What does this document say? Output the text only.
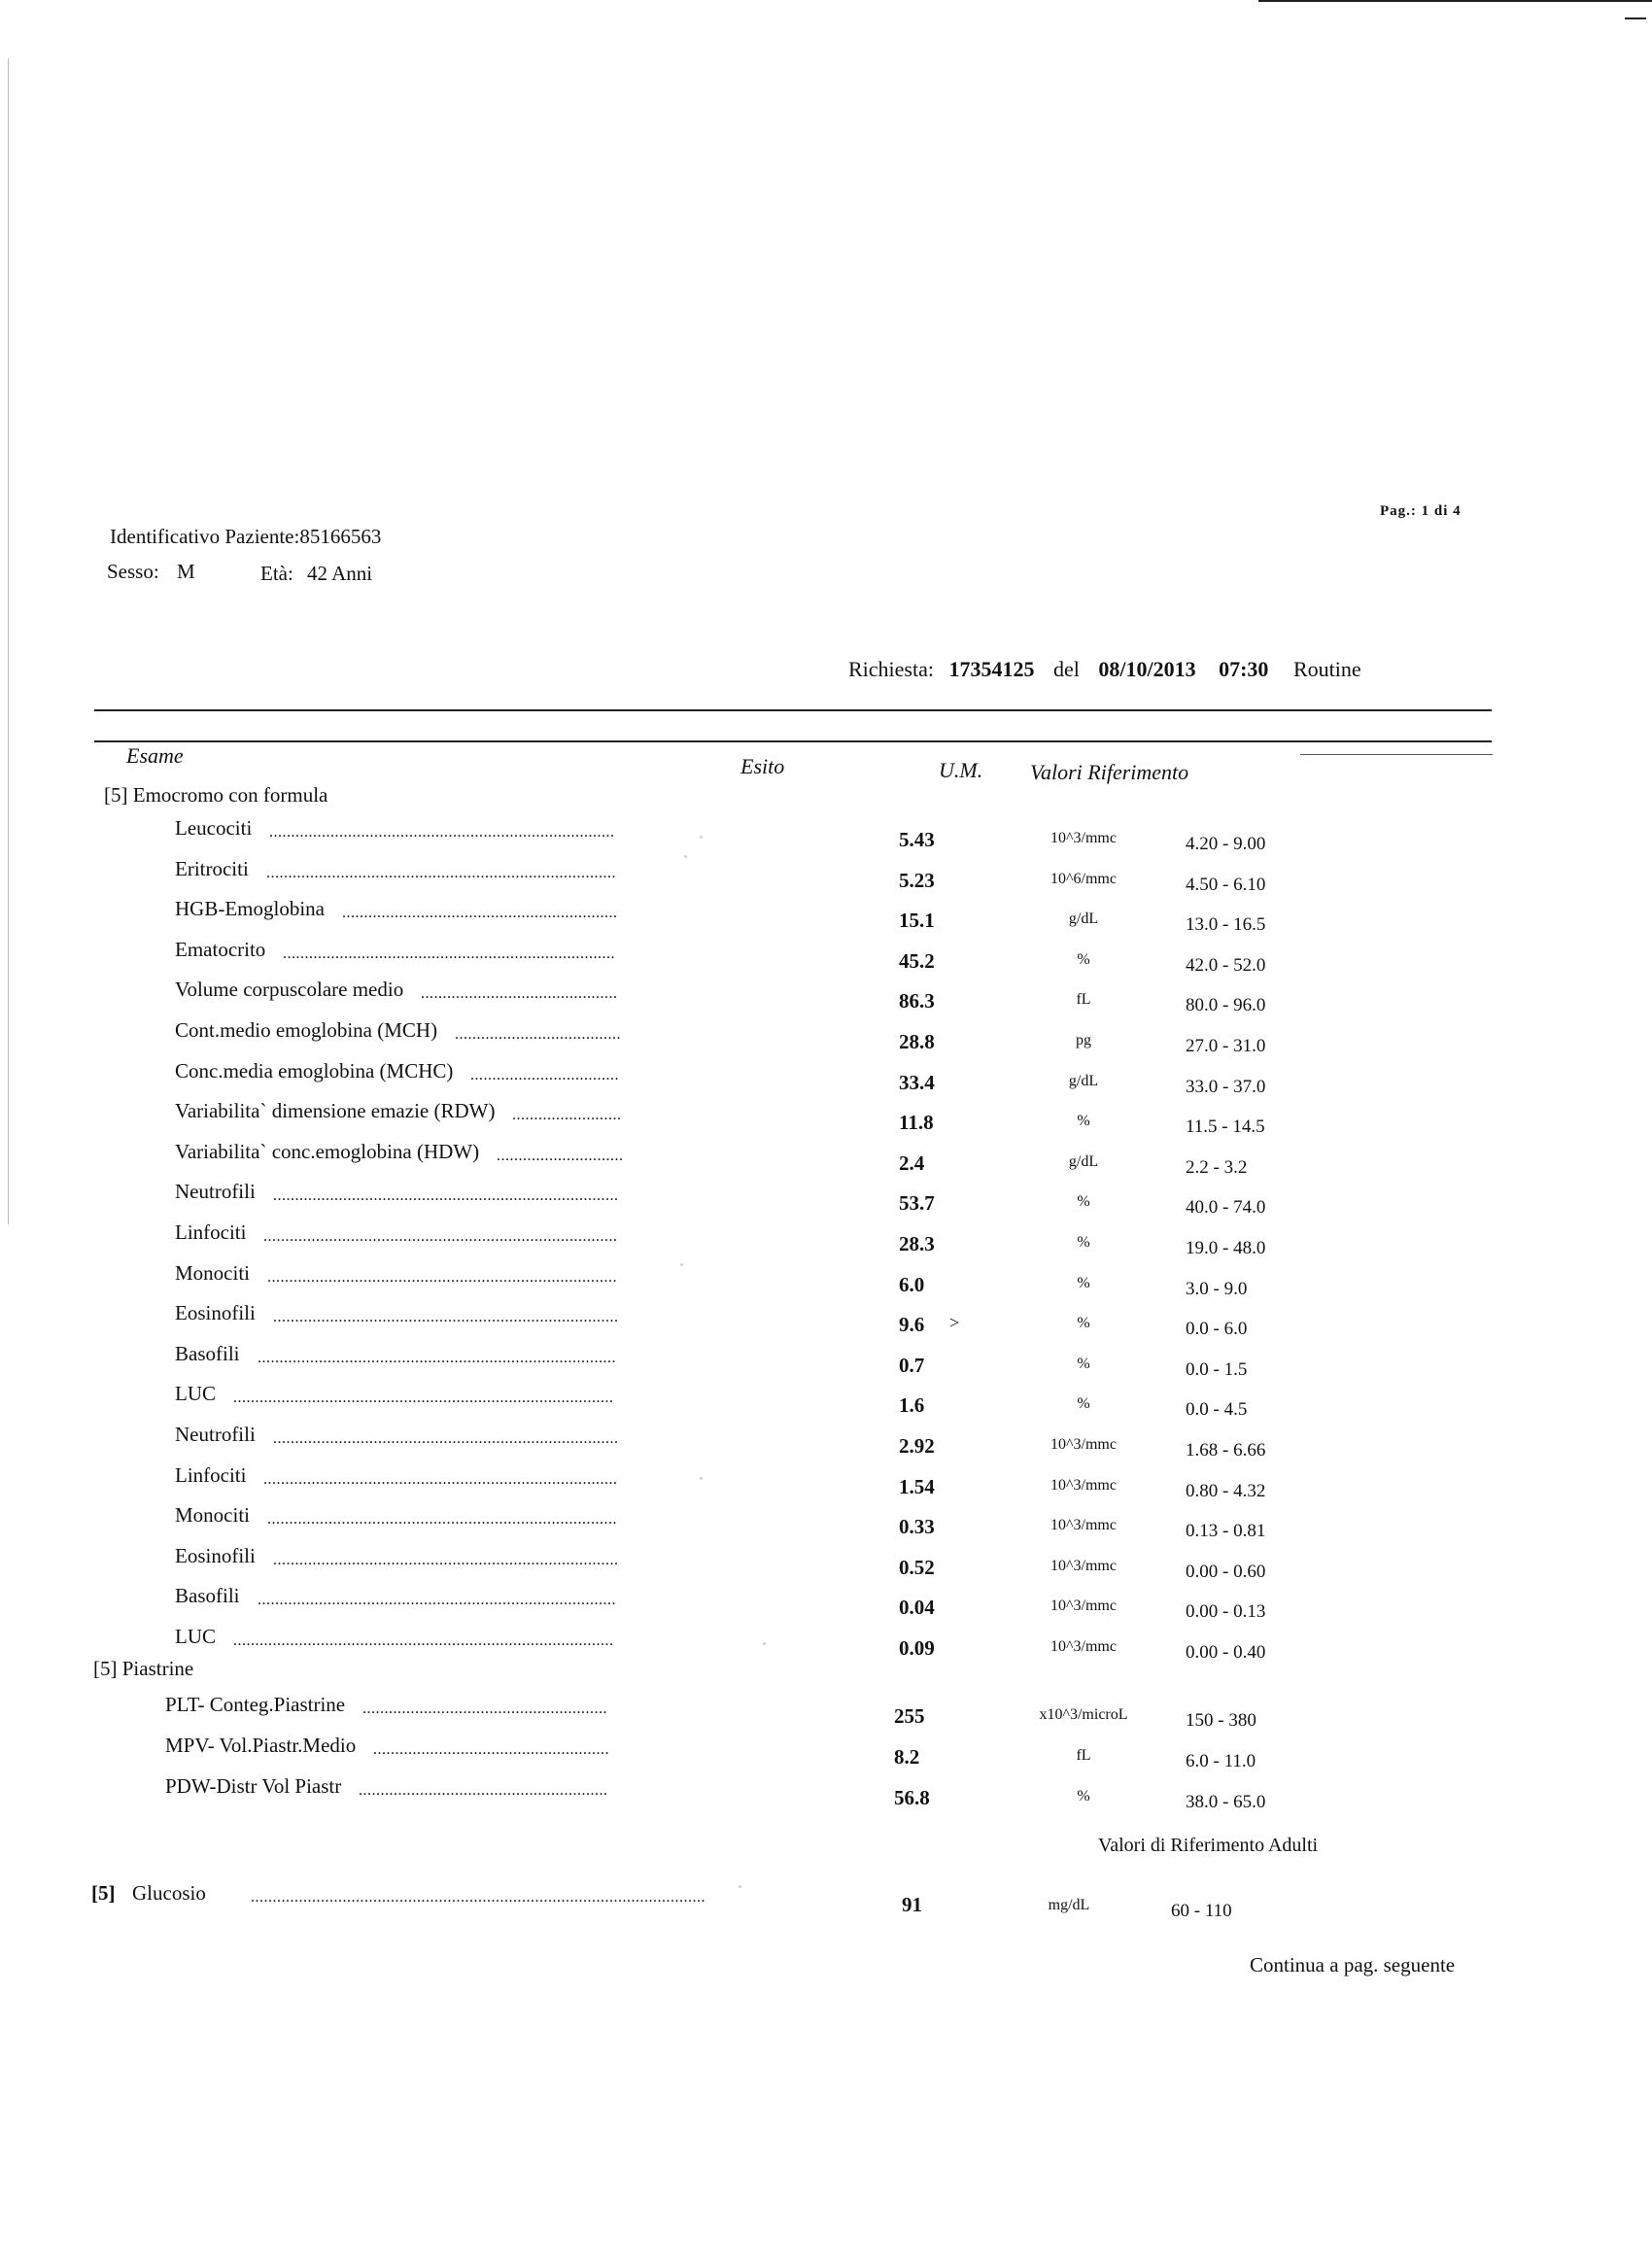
Identificativo Paziente:85166563
Sesso: M	Età: 42 Anni
Pag.: 1 di 4
Richiesta: 17354125 del 08/10/2013 07:30 Routine
Esame	Esito	U.M. Valori Riferimento
[5] Emocromo con formula
Leucociti ...............................................................................	5.43	10^3/mmc	4.20 - 9.00
Eritrociti ................................................................................	5.23	10^6/mmc	4.50 - 6.10
HGB-Emoglobina ...............................................................	15.1	g/dL	13.0 - 16.5
Ematocrito ............................................................................	45.2	%	42.0 - 52.0
Volume corpuscolare medio .............................................	86.3	fL	80.0 - 96.0
Cont.medio emoglobina (MCH) ......................................	28.8	pg	27.0 - 31.0
Conc.media emoglobina (MCHC) ..................................	33.4	g/dL	33.0 - 37.0
Variabilita` dimensione emazie (RDW) .........................	11.8	%	11.5 - 14.5
Variabilita` conc.emoglobina (HDW) .............................	2.4	g/dL	2.2 - 3.2
Neutrofili ...............................................................................	53.7	%	40.0 - 74.0
Linfociti .................................................................................	28.3	%	19.0 - 48.0
Monociti ................................................................................	6.0	%	3.0 - 9.0
Eosinofili ...............................................................................	9.6 >	%	0.0 - 6.0
Basofili ..................................................................................	0.7	%	0.0 - 1.5
LUC .......................................................................................	1.6	%	0.0 - 4.5
Neutrofili ...............................................................................	2.92	10^3/mmc	1.68 - 6.66
Linfociti .................................................................................	1.54	10^3/mmc	0.80 - 4.32
Monociti ................................................................................	0.33	10^3/mmc	0.13 - 0.81
Eosinofili ...............................................................................	0.52	10^3/mmc	0.00 - 0.60
Basofili ..................................................................................	0.04	10^3/mmc	0.00 - 0.13
LUC .......................................................................................	0.09	10^3/mmc	0.00 - 0.40
[5] Piastrine
PLT- Conteg.Piastrine ........................................................	255	x10^3/microL	150 - 380
MPV- Vol.Piastr.Medio ......................................................	8.2	fL	6.0 - 11.0
PDW-Distr Vol Piastr .........................................................	56.8	%	38.0 - 65.0
Valori di Riferimento Adulti
[5] Glucosio	........................................................................................................	91	mg/dL	60 - 110
Continua a pag. seguente
